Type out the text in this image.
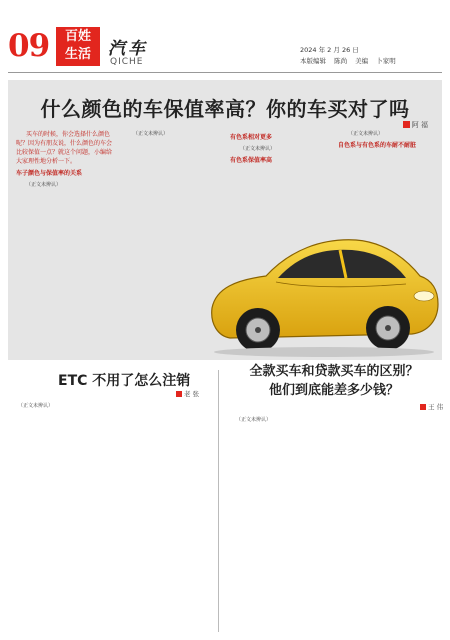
09	百姓
生活	汽车
QICHE
2024 年 2 月 26 日
本版编辑 陈尚 美编 卜家明
什么颜色的车保值率高？你的车买对了吗
阿 福

买车的时候，你会选择什么颜色呢？因为有朋友说，什么颜色的车会比较保值一点？就这个问题，小编给大家理性地分析一下。

车子颜色与保值率的关系

（正文未辨认）

（正文未辨认）	有色系相对更多

（正文未辨认）

有色系保值率高

（正文未辨认）

自色系与有色系的车耐不耐脏
ETC 不用了怎么注销
老 张

（正文未辨认）

全款买车和贷款买车的区别？
他们到底能差多少钱？
王 伟

（正文未辨认）
